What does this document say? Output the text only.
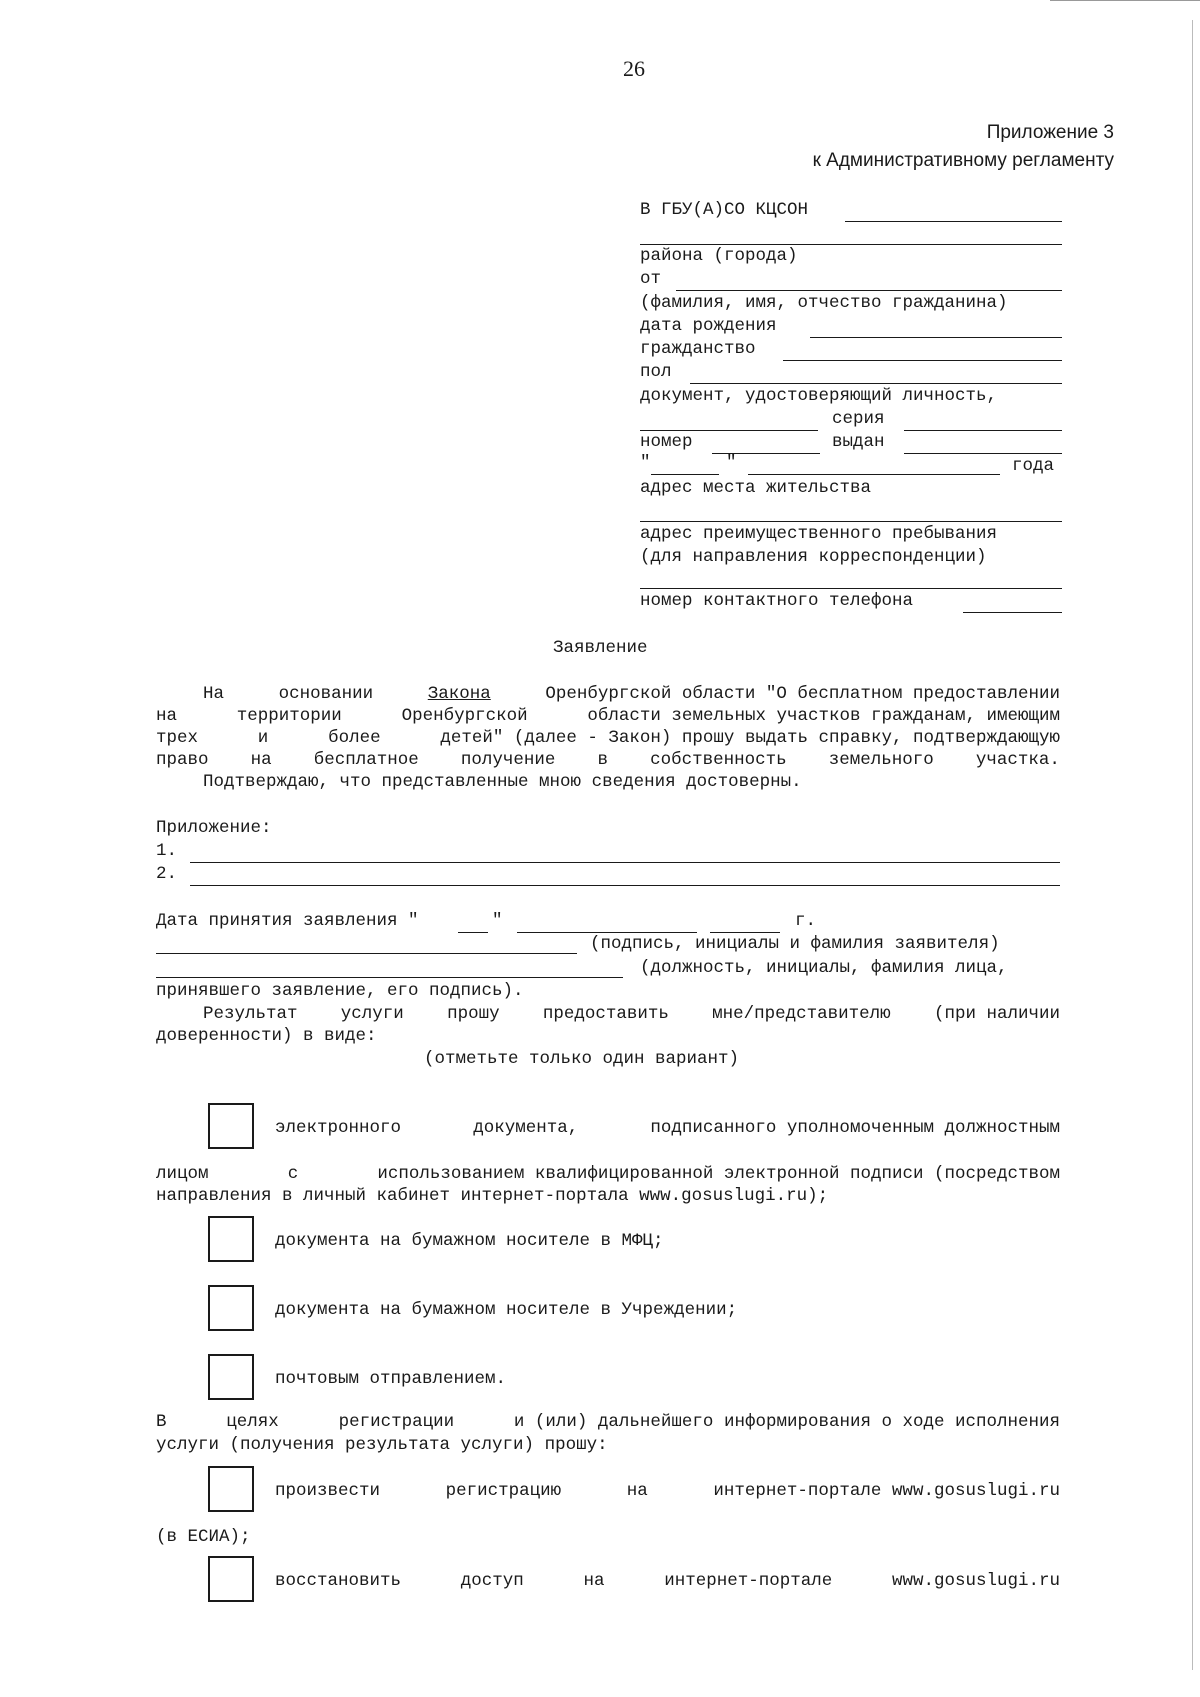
26
Приложение 3
к Административному регламенту
В ГБУ(А)СО КЦСОН
района (города)
от
(фамилия, имя, отчество гражданина)
дата рождения
гражданство
пол
документ, удостоверяющий личность,
серия
номер	выдан
"	"	года
адрес места жительства
адрес преимущественного пребывания
(для направления корреспонденции)
номер контактного телефона
Заявление
На	основании	Закона	Оренбургской области "О бесплатном предоставлении
на	территории	Оренбургской	области земельных участков гражданам, имеющим
трех	и	более	детей" (далее - Закон) прошу выдать справку, подтверждающую
право на бесплатное получение в собственность земельного участка.
Подтверждаю, что представленные мною сведения достоверны.
Приложение:
1.
2.
Дата принятия заявления "	"	г.
(подпись, инициалы и фамилия заявителя)
(должность, инициалы, фамилия лица,
принявшего заявление, его подпись).
Результат услуги прошу предоставить мне/представителю (при наличии
доверенности) в виде:
(отметьте только один вариант)
электронного	документа,	подписанного уполномоченным должностным
лицом	с	использованием квалифицированной электронной подписи (посредством
направления в личный кабинет интернет-портала www.gosuslugi.ru);
документа на бумажном носителе в МФЦ;
документа на бумажном носителе в Учреждении;
почтовым отправлением.
В	целях	регистрации	и (или) дальнейшего информирования о ходе исполнения
услуги (получения результата услуги) прошу:
произвести	регистрацию	на	интернет-портале www.gosuslugi.ru
(в ЕСИА);
восстановить	доступ	на	интернет-портале	www.gosuslugi.ru
